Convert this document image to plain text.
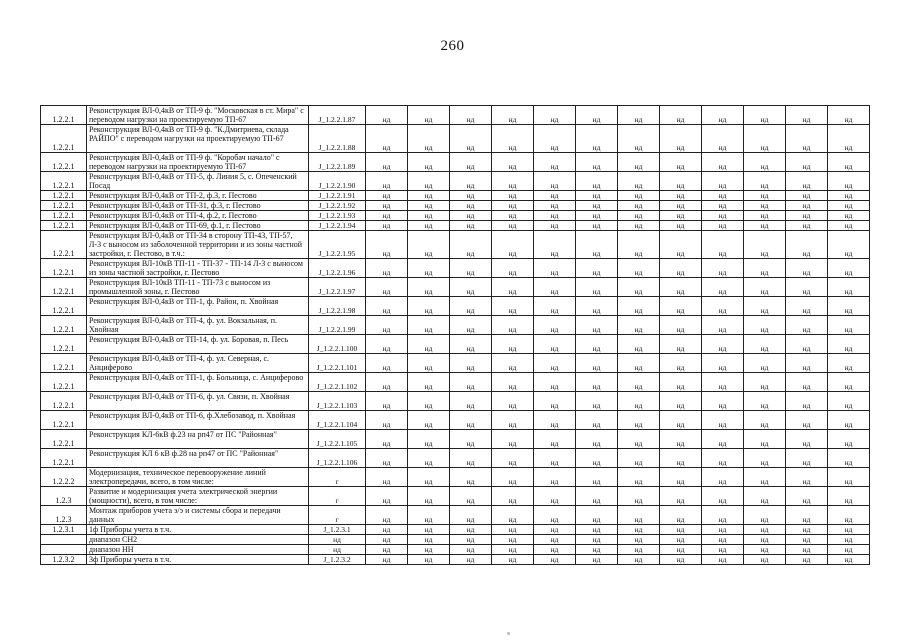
260
1.2.2.1	Реконструкция ВЛ-0,4кВ от ТП-9 ф. "Московская в ст. Мира" с переводом нагрузки на проектируемую ТП-67	J_1.2.2.1.87	нд	нд	нд	нд	нд	нд	нд	нд	нд	нд	нд	нд
1.2.2.1	Реконструкция ВЛ-0,4кВ от ТП-9 ф. "К.Дмитриева, склада РАЙПО" с переводом нагрузки на проектируемую ТП-67	J_1.2.2.1.88	нд	нд	нд	нд	нд	нд	нд	нд	нд	нд	нд	нд
1.2.2.1	Реконструкция ВЛ-0,4кВ от ТП-9 ф. "Коробач начало" с переводом нагрузки на проектируемую ТП-67	J_1.2.2.1.89	нд	нд	нд	нд	нд	нд	нд	нд	нд	нд	нд	нд
1.2.2.1	Реконструкция ВЛ-0,4кВ от ТП-5, ф. Линия 5, с. Опеченский Посад	J_1.2.2.1.90	нд	нд	нд	нд	нд	нд	нд	нд	нд	нд	нд	нд
1.2.2.1	Реконструкция ВЛ-0,4кВ от ТП-2, ф.3, г. Пестово	J_1.2.2.1.91	нд	нд	нд	нд	нд	нд	нд	нд	нд	нд	нд	нд
1.2.2.1	Реконструкция ВЛ-0,4кВ от ТП-31, ф.3, г. Пестово	J_1.2.2.1.92	нд	нд	нд	нд	нд	нд	нд	нд	нд	нд	нд	нд
1.2.2.1	Реконструкция ВЛ-0,4кВ от ТП-4, ф.2, г. Пестово	J_1.2.2.1.93	нд	нд	нд	нд	нд	нд	нд	нд	нд	нд	нд	нд
1.2.2.1	Реконструкция ВЛ-0,4кВ от ТП-69, ф.1, г. Пестово	J_1.2.2.1.94	нд	нд	нд	нд	нд	нд	нд	нд	нд	нд	нд	нд
1.2.2.1	Реконструкция ВЛ-0,4кВ от ТП-34 в сторону ТП-43, ТП-57, Л-3 с выносом из заболоченной территории и из зоны частной застройки, г. Пестово, в т.ч.:	J_1.2.2.1.95	нд	нд	нд	нд	нд	нд	нд	нд	нд	нд	нд	нд
1.2.2.1	Реконструкция ВЛ-10кВ ТП-11 - ТП-37 - ТП-14 Л-3 с выносом из зоны частной застройки, г. Пестово	J_1.2.2.1.96	нд	нд	нд	нд	нд	нд	нд	нд	нд	нд	нд	нд
1.2.2.1	Реконструкция ВЛ-10кВ ТП-11 - ТП-73 с выносом из промышленной зоны, г. Пестово	J_1.2.2.1.97	нд	нд	нд	нд	нд	нд	нд	нд	нд	нд	нд	нд
1.2.2.1	Реконструкция ВЛ-0,4кВ от ТП-1, ф. Район, п. Хвойная	J_1.2.2.1.98	нд	нд	нд	нд	нд	нд	нд	нд	нд	нд	нд	нд
1.2.2.1	Реконструкция ВЛ-0,4кВ от ТП-4, ф. ул. Вокзальная, п. Хвойная	J_1.2.2.1.99	нд	нд	нд	нд	нд	нд	нд	нд	нд	нд	нд	нд
1.2.2.1	Реконструкция ВЛ-0,4кВ от ТП-14, ф. ул. Боровая, п. Песь	J_1.2.2.1.100	нд	нд	нд	нд	нд	нд	нд	нд	нд	нд	нд	нд
1.2.2.1	Реконструкция ВЛ-0,4кВ от ТП-4, ф. ул. Северная, с. Анциферово	J_1.2.2.1.101	нд	нд	нд	нд	нд	нд	нд	нд	нд	нд	нд	нд
1.2.2.1	Реконструкция ВЛ-0,4кВ от ТП-1, ф. Больница, с. Анциферово	J_1.2.2.1.102	нд	нд	нд	нд	нд	нд	нд	нд	нд	нд	нд	нд
1.2.2.1	Реконструкция ВЛ-0,4кВ от ТП-6, ф. ул. Связи, п. Хвойная	J_1.2.2.1.103	нд	нд	нд	нд	нд	нд	нд	нд	нд	нд	нд	нд
1.2.2.1	Реконструкция ВЛ-0,4кВ от ТП-6, ф.Хлебозавод, п. Хвойная	J_1.2.2.1.104	нд	нд	нд	нд	нд	нд	нд	нд	нд	нд	нд	нд
1.2.2.1	Реконструкция КЛ-6кВ ф.23 на рп47 от ПС "Районная"	J_1.2.2.1.105	нд	нд	нд	нд	нд	нд	нд	нд	нд	нд	нд	нд
1.2.2.1	Реконструкция КЛ 6 кВ ф.28 на рп47 от ПС "Районная"	J_1.2.2.1.106	нд	нд	нд	нд	нд	нд	нд	нд	нд	нд	нд	нд
1.2.2.2	Модернизация, техническое перевооружение линий электропередачи, всего, в том числе:	г	нд	нд	нд	нд	нд	нд	нд	нд	нд	нд	нд	нд
1.2.3	Развитие и модернизация учета электрической энергии (мощности), всего, в том числе:	г	нд	нд	нд	нд	нд	нд	нд	нд	нд	нд	нд	нд
1.2.3	Монтаж приборов учета э/э и системы сбора и передачи данных	г	нд	нд	нд	нд	нд	нд	нд	нд	нд	нд	нд	нд
1.2.3.1	1ф Приборы учета в т.ч.	J_1.2.3.1	нд	нд	нд	нд	нд	нд	нд	нд	нд	нд	нд	нд
	диапазон СН2	нд	нд	нд	нд	нд	нд	нд	нд	нд	нд	нд	нд	нд
	диапазон НН	нд	нд	нд	нд	нд	нд	нд	нд	нд	нд	нд	нд	нд
1.2.3.2	3ф Приборы учета в т.ч.	J_1.2.3.2	нд	нд	нд	нд	нд	нд	нд	нд	нд	нд	нд	нд
